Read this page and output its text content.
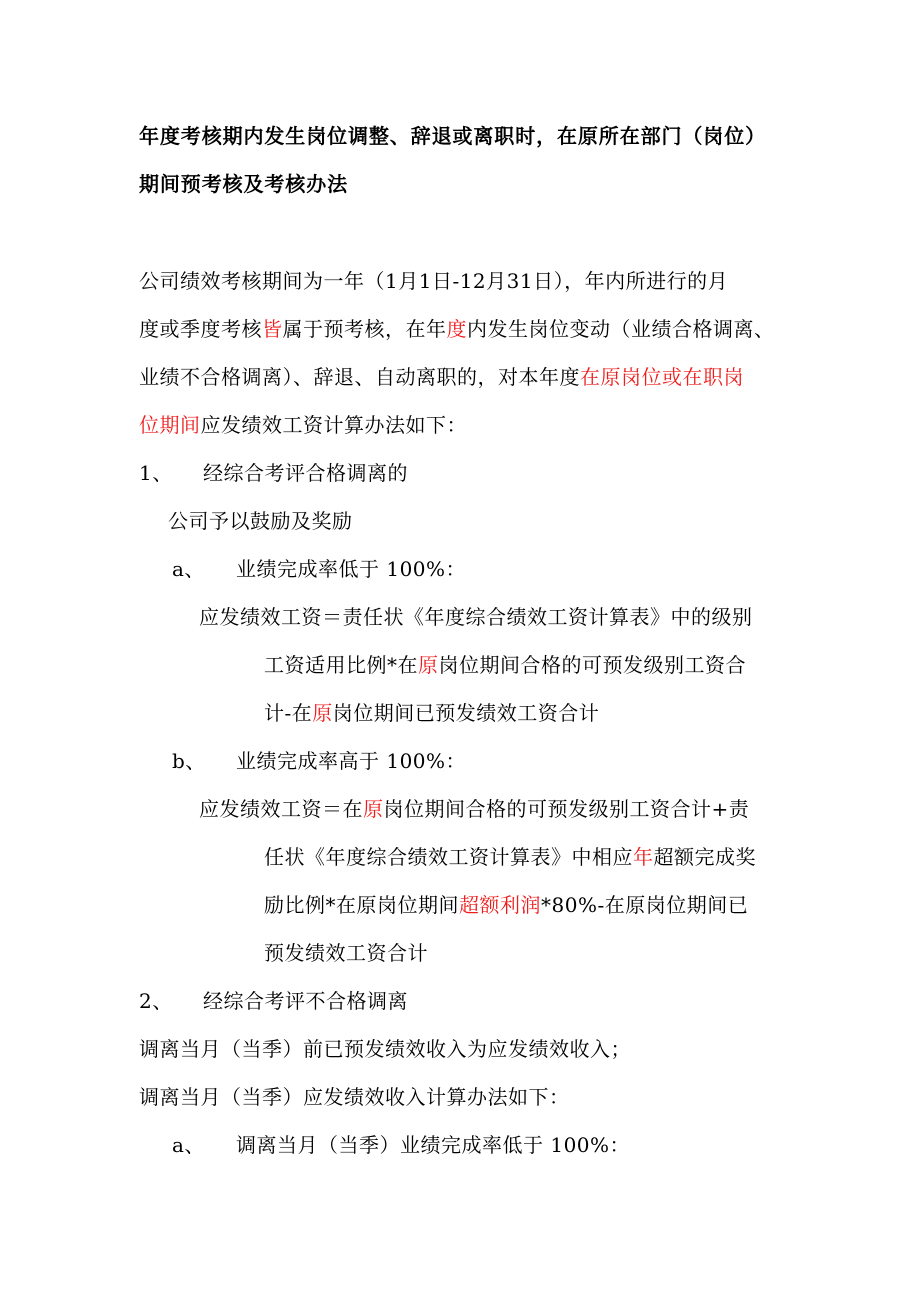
年度考核期内发生岗位调整、辞退或离职时，在原所在部门（岗位）
期间预考核及考核办法
公司绩效考核期间为一年（1月1日-12月31日），年内所进行的月
度或季度考核皆属于预考核，在年度内发生岗位变动（业绩合格调离、
业绩不合格调离）、辞退、自动离职的，对本年度在原岗位或在职岗
位期间应发绩效工资计算办法如下：
1、 经综合考评合格调离的
公司予以鼓励及奖励
a、 业绩完成率低于 100%：
应发绩效工资＝责任状《年度综合绩效工资计算表》中的级别
工资适用比例*在原岗位期间合格的可预发级别工资合
计-在原岗位期间已预发绩效工资合计
b、 业绩完成率高于 100%：
应发绩效工资＝在原岗位期间合格的可预发级别工资合计+责
任状《年度综合绩效工资计算表》中相应年超额完成奖
励比例*在原岗位期间超额利润*80%-在原岗位期间已
预发绩效工资合计
2、 经综合考评不合格调离
调离当月（当季）前已预发绩效收入为应发绩效收入；
调离当月（当季）应发绩效收入计算办法如下：
a、 调离当月（当季）业绩完成率低于 100%：
